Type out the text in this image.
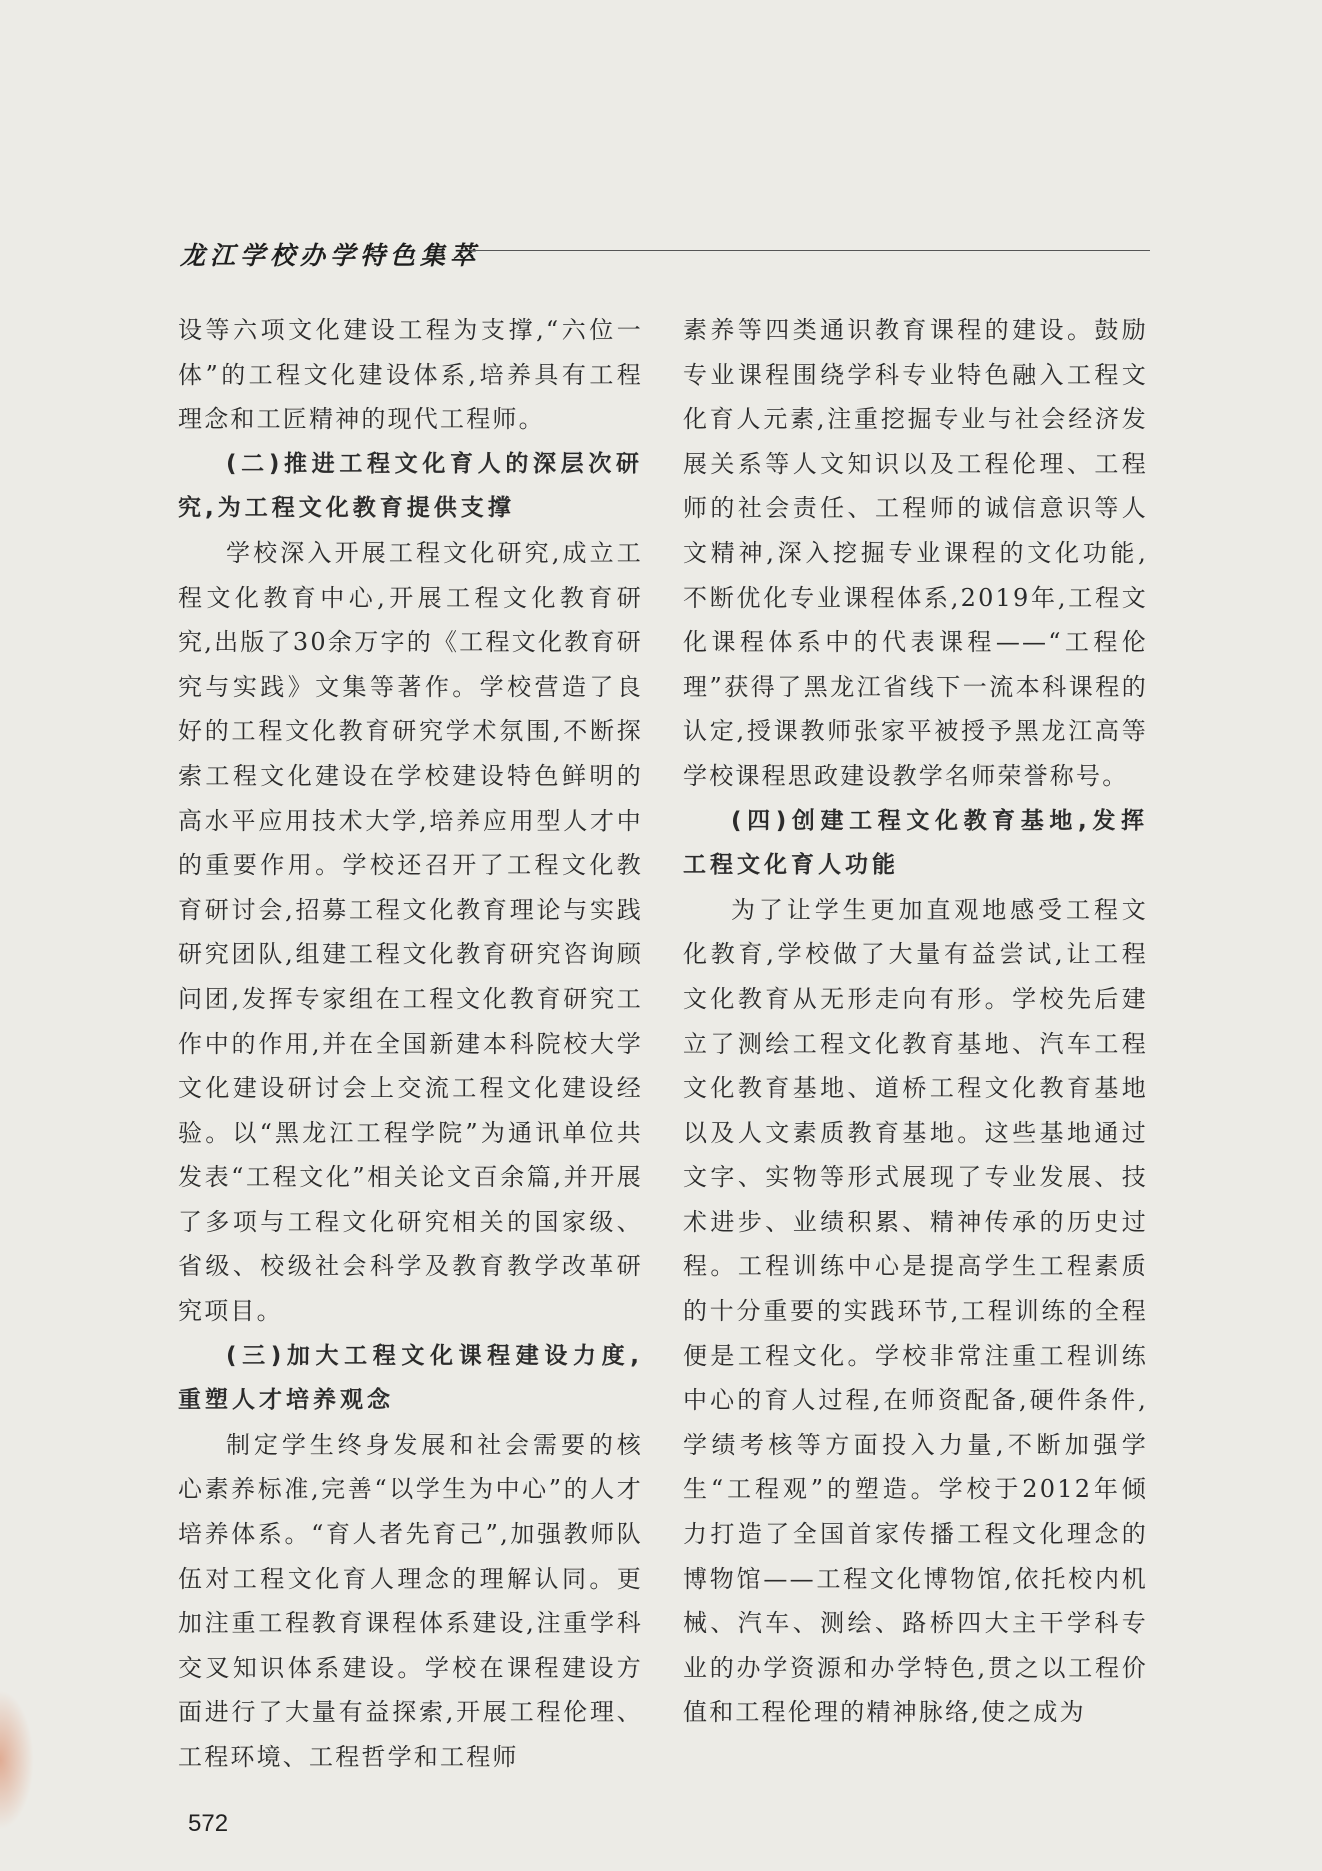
龙江学校办学特色集萃

设等六项文化建设工程为支撑,“六位一体”的工程文化建设体系,培养具有工程理念和工匠精神的现代工程师。

(二)推进工程文化育人的深层次研究,为工程文化教育提供支撑

学校深入开展工程文化研究,成立工程文化教育中心,开展工程文化教育研究,出版了30余万字的《工程文化教育研究与实践》文集等著作。学校营造了良好的工程文化教育研究学术氛围,不断探索工程文化建设在学校建设特色鲜明的高水平应用技术大学,培养应用型人才中的重要作用。学校还召开了工程文化教育研讨会,招募工程文化教育理论与实践研究团队,组建工程文化教育研究咨询顾问团,发挥专家组在工程文化教育研究工作中的作用,并在全国新建本科院校大学文化建设研讨会上交流工程文化建设经验。以“黑龙江工程学院”为通讯单位共发表“工程文化”相关论文百余篇,并开展了多项与工程文化研究相关的国家级、省级、校级社会科学及教育教学改革研究项目。

(三)加大工程文化课程建设力度,重塑人才培养观念

制定学生终身发展和社会需要的核心素养标准,完善“以学生为中心”的人才培养体系。“育人者先育己”,加强教师队伍对工程文化育人理念的理解认同。更加注重工程教育课程体系建设,注重学科交叉知识体系建设。学校在课程建设方面进行了大量有益探索,开展工程伦理、工程环境、工程哲学和工程师

素养等四类通识教育课程的建设。鼓励专业课程围绕学科专业特色融入工程文化育人元素,注重挖掘专业与社会经济发展关系等人文知识以及工程伦理、工程师的社会责任、工程师的诚信意识等人文精神,深入挖掘专业课程的文化功能,不断优化专业课程体系,2019年,工程文化课程体系中的代表课程——“工程伦理”获得了黑龙江省线下一流本科课程的认定,授课教师张家平被授予黑龙江高等学校课程思政建设教学名师荣誉称号。

(四)创建工程文化教育基地,发挥工程文化育人功能

为了让学生更加直观地感受工程文化教育,学校做了大量有益尝试,让工程文化教育从无形走向有形。学校先后建立了测绘工程文化教育基地、汽车工程文化教育基地、道桥工程文化教育基地以及人文素质教育基地。这些基地通过文字、实物等形式展现了专业发展、技术进步、业绩积累、精神传承的历史过程。工程训练中心是提高学生工程素质的十分重要的实践环节,工程训练的全程便是工程文化。学校非常注重工程训练中心的育人过程,在师资配备,硬件条件,学绩考核等方面投入力量,不断加强学生“工程观”的塑造。学校于2012年倾力打造了全国首家传播工程文化理念的博物馆——工程文化博物馆,依托校内机械、汽车、测绘、路桥四大主干学科专业的办学资源和办学特色,贯之以工程价值和工程伦理的精神脉络,使之成为

572
